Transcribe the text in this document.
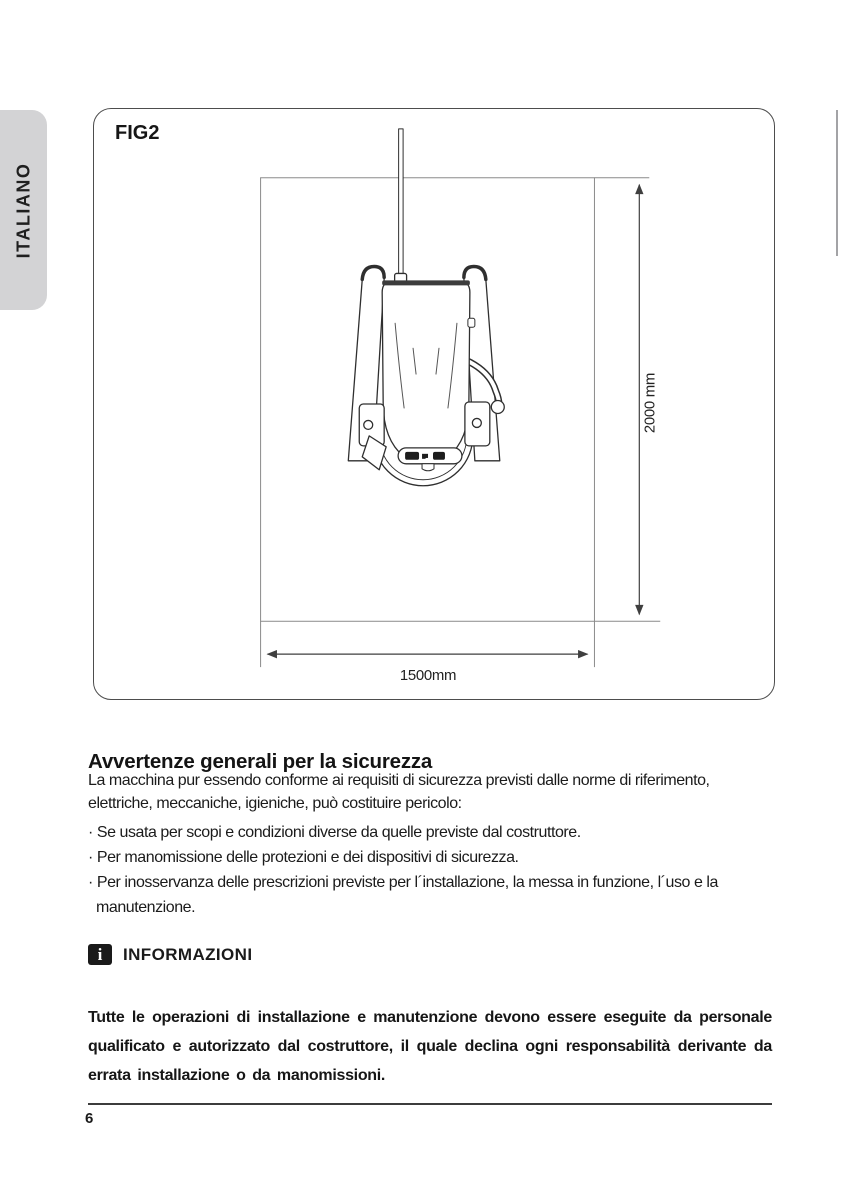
ITALIANO
1500mm
2000 mm
FIG2
Avvertenze generali per la sicurezza

La macchina pur essendo conforme ai requisiti di sicurezza previsti dalle norme di riferimento, elettriche, meccaniche, igieniche, può costituire pericolo:

· Se usata per scopi e condizioni diverse da quelle previste dal costruttore.
· Per manomissione delle protezioni e dei dispositivi di sicurezza.
· Per inosservanza delle prescrizioni previste per l´installazione, la messa in funzione, l´uso e la manutenzione.
i INFORMAZIONI

Tutte le operazioni di installazione e manutenzione devono essere eseguite da personale qualificato e autorizzato dal costruttore, il quale declina ogni responsabilità derivante da errata installazione o da manomissioni.

6
